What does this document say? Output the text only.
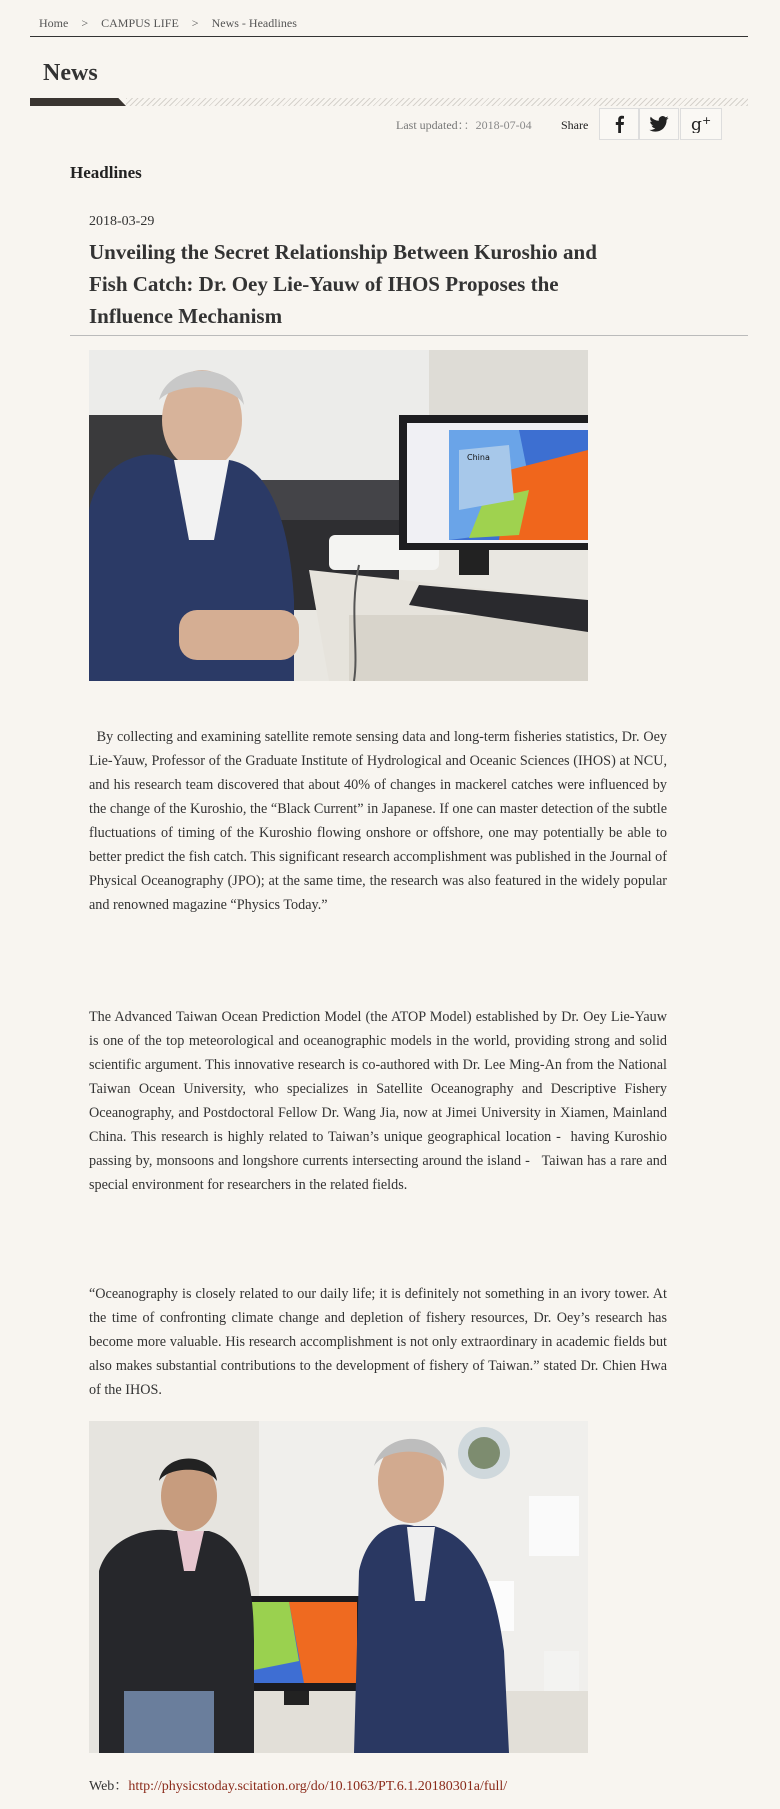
Home > CAMPUS LIFE > News - Headlines
News
Last updated：：2018-07-04 Share	g +
Headlines
2018-03-29
Unveiling the Secret Relationship Between Kuroshio and Fish Catch: Dr. Oey Lie-Yauw of IHOS Proposes the Influence Mechanism
China

By collecting and examining satellite remote sensing data and long-term fisheries statistics, Dr. Oey Lie-Yauw, Professor of the Graduate Institute of Hydrological and Oceanic Sciences (IHOS) at NCU, and his research team discovered that about 40% of changes in mackerel catches were influenced by the change of the Kuroshio, the “Black Current” in Japanese. If one can master detection of the subtle fluctuations of timing of the Kuroshio flowing onshore or offshore, one may potentially be able to better predict the fish catch. This significant research accomplishment was published in the Journal of Physical Oceanography (JPO); at the same time, the research was also featured in the widely popular and renowned magazine “Physics Today.”

The Advanced Taiwan Ocean Prediction Model (the ATOP Model) established by Dr. Oey Lie-Yauw is one of the top meteorological and oceanographic models in the world, providing strong and solid scientific argument. This innovative research is co-authored with Dr. Lee Ming-An from the National Taiwan Ocean University, who specializes in Satellite Oceanography and Descriptive Fishery Oceanography, and Postdoctoral Fellow Dr. Wang Jia, now at Jimei University in Xiamen, Mainland China. This research is highly related to Taiwan’s unique geographical location -  having Kuroshio passing by, monsoons and longshore currents intersecting around the island -   Taiwan has a rare and special environment for researchers in the related fields.

“Oceanography is closely related to our daily life; it is definitely not something in an ivory tower. At the time of confronting climate change and depletion of fishery resources, Dr. Oey’s research has become more valuable. His research accomplishment is not only extraordinary in academic fields but also makes substantial contributions to the development of fishery of Taiwan.” stated Dr. Chien Hwa of the IHOS.

Web：http://physicstoday.scitation.org/do/10.1063/PT.6.1.20180301a/full/
